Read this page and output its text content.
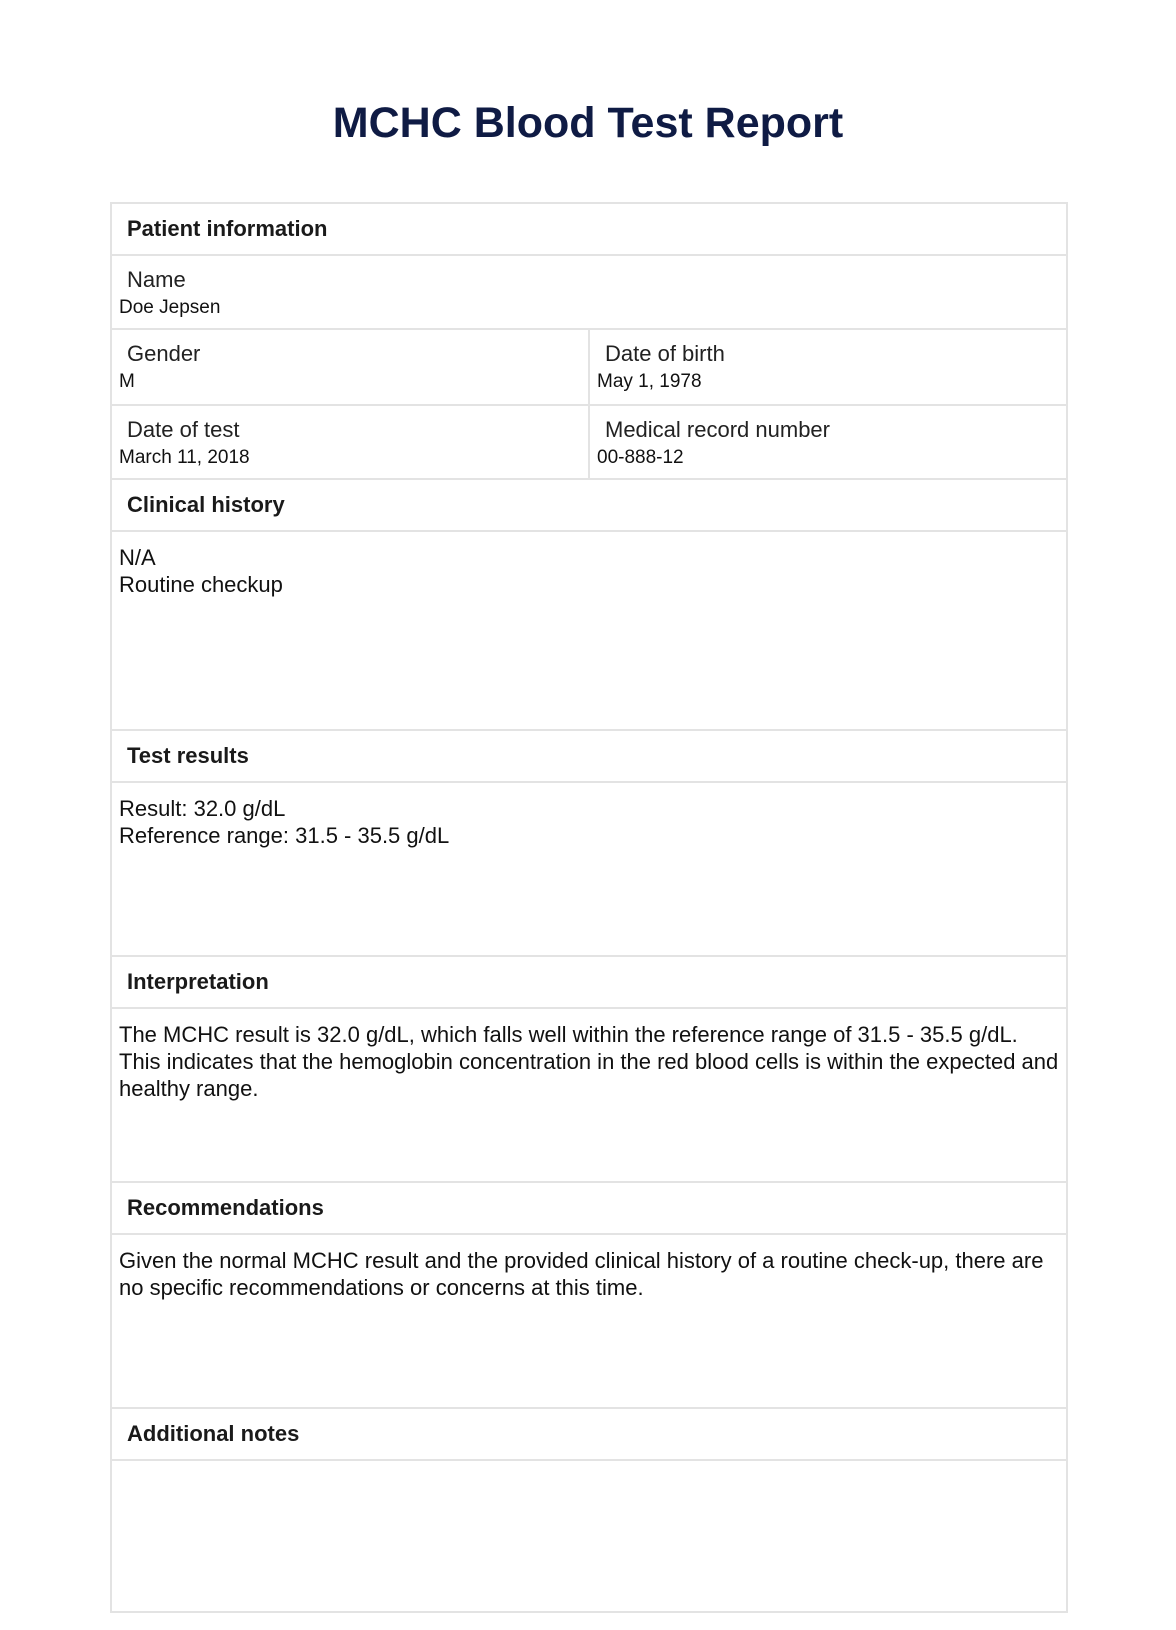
MCHC Blood Test Report
Patient information
Name
Doe Jepsen
Gender
M
Date of birth
May 1, 1978
Date of test
March 11, 2018
Medical record number
00-888-12
Clinical history
N/A
Routine checkup
Test results
Result: 32.0 g/dL
Reference range: 31.5 - 35.5 g/dL
Interpretation
The MCHC result is 32.0 g/dL, which falls well within the reference range of 31.5 - 35.5 g/dL. This indicates that the hemoglobin concentration in the red blood cells is within the expected and healthy range.
Recommendations
Given the normal MCHC result and the provided clinical history of a routine check-up, there are no specific recommendations or concerns at this time.
Additional notes
